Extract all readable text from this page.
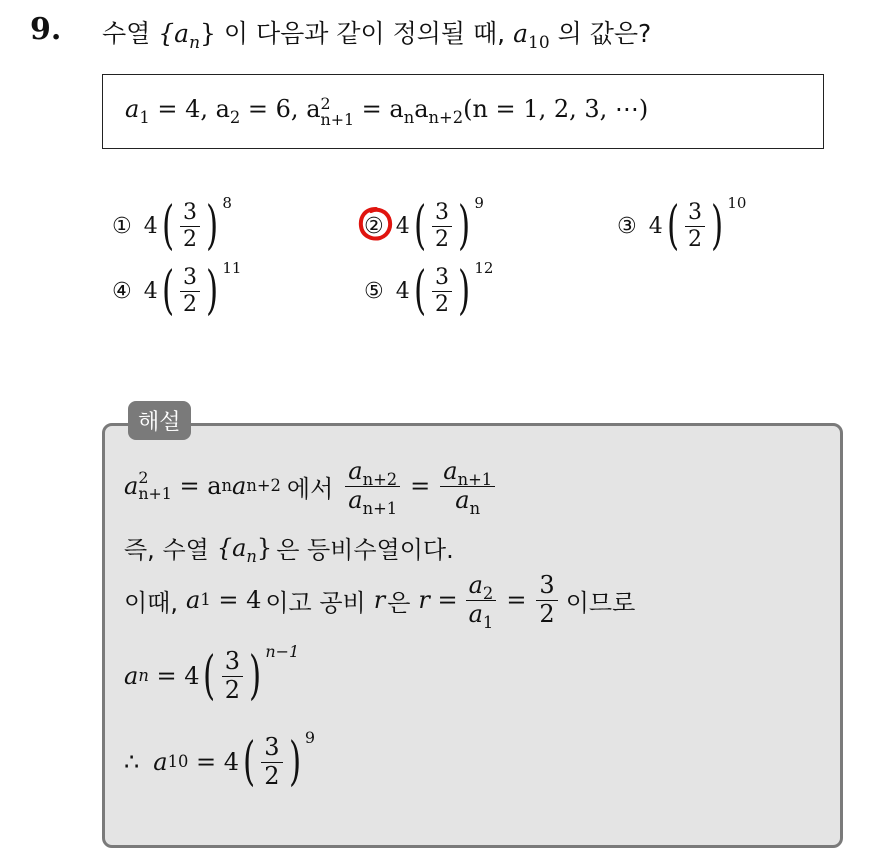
9. 수열 $\{a_n\}$ 이 다음과 같이 정의될 때, $a_{10}$ 의 값은?
$a_1 = 4$, $a_2 = 6$, a 2
$n+1 = a_na_{n+2}(n = 1$, 2, 3, ⋯)
① 4 ( $\frac{3}{2}$ ) 8
② 4 ( $\frac{3}{2}$ ) 9
③ 4 ( $\frac{3}{2}$ ) 10
④ 4 ( $\frac{3}{2}$ ) 11
⑤ 4 ( $\frac{3}{2}$ ) 12
해설
a 2
n+1 = a n a n+2 에서 $\frac{a_{n+2}}{a_{n+1}} = \frac{a_{n+1}}{a_n}$
즉, 수열 $\{a_n\}$ 은 등비수열이다.
이때, a 1 = 4 이고 공비 r 은 $r = \frac{a_2}{a_1} = \frac{3}{2}$ 이므로
a n = 4 ( $\frac{3}{2}$ ) n−1
∴ a 10 = 4 ( $\frac{3}{2}$ ) 9
